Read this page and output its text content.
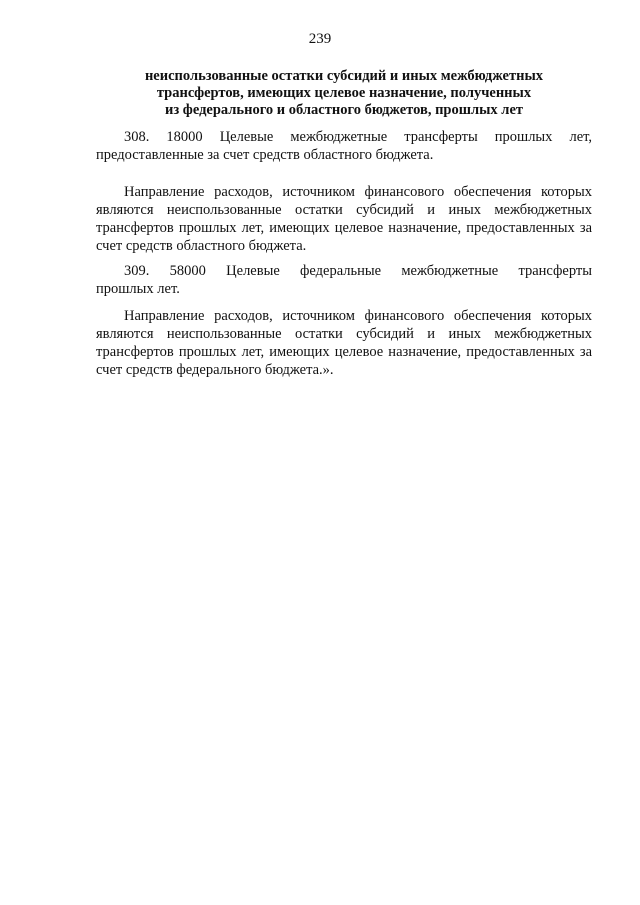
239
неиспользованные остатки субсидий и иных межбюджетных
трансфертов, имеющих целевое назначение, полученных
из федерального и областного бюджетов, прошлых лет
308. 18000 Целевые межбюджетные трансферты прошлых лет,
предоставленные за счет средств областного бюджета.
Направление расходов, источником финансового обеспечения которых
являются неиспользованные остатки субсидий и иных межбюджетных
трансфертов прошлых лет, имеющих целевое назначение, предоставленных за
счет средств областного бюджета.
309. 58000 Целевые федеральные межбюджетные трансферты
прошлых лет.
Направление расходов, источником финансового обеспечения которых
являются неиспользованные остатки субсидий и иных межбюджетных
трансфертов прошлых лет, имеющих целевое назначение, предоставленных за
счет средств федерального бюджета.».
